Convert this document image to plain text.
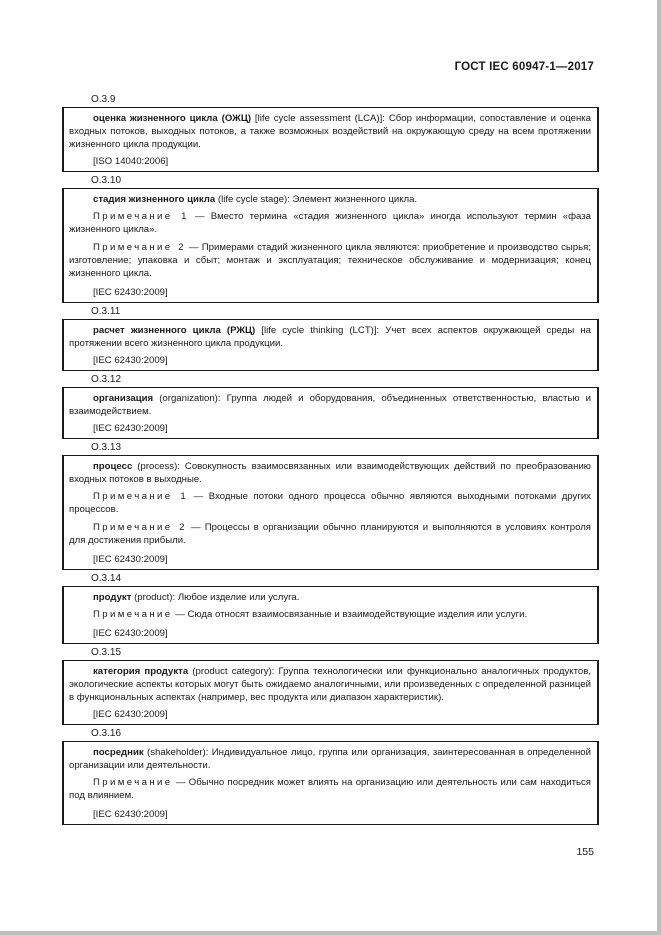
ГОСТ IEC 60947-1—2017
O.3.9

оценка жизненного цикла (ОЖЦ) [life cycle assessment (LCA)]: Сбор информации, сопоставление и оценка входных потоков, выходных потоков, а также возможных воздействий на окружающую среду на всем протяжении жизненного цикла продукции.

[ISO 14040:2006]

O.3.10

стадия жизненного цикла (life cycle stage): Элемент жизненного цикла.

Примечание 1 — Вместо термина «стадия жизненного цикла» иногда используют термин «фаза жизненного цикла».

Примечание 2 — Примерами стадий жизненного цикла являются: приобретение и производство сырья; изготовление; упаковка и сбыт; монтаж и эксплуатация; техническое обслуживание и модернизация; конец жизненного цикла.

[IEC 62430:2009]

O.3.11

расчет жизненного цикла (РЖЦ) [life cycle thinking (LCT)]: Учет всех аспектов окружающей среды на протяжении всего жизненного цикла продукции.

[IEC 62430:2009]

O.3.12

организация (organization): Группа людей и оборудования, объединенных ответственностью, властью и взаимодействием.

[IEC 62430:2009]

O.3.13

процесс (process): Совокупность взаимосвязанных или взаимодействующих действий по преобразованию входных потоков в выходные.

Примечание 1 — Входные потоки одного процесса обычно являются выходными потоками других процессов.

Примечание 2 — Процессы в организации обычно планируются и выполняются в условиях контроля для достижения прибыли.

[IEC 62430:2009]

O.3.14

продукт (product): Любое изделие или услуга.

Примечание — Сюда относят взаимосвязанные и взаимодействующие изделия или услуги.

[IEC 62430:2009]

O.3.15

категория продукта (product category): Группа технологически или функционально аналогичных продуктов, экологические аспекты которых могут быть ожидаемо аналогичными, или произведенных с определенной разницей в функциональных аспектах (например, вес продукта или диапазон характеристик).

[IEC 62430:2009]

O.3.16

посредник (shakeholder): Индивидуальное лицо, группа или организация, заинтересованная в определенной организации или деятельности.

Примечание — Обычно посредник может влиять на организацию или деятельность или сам находиться под влиянием.

[IEC 62430:2009]

155
